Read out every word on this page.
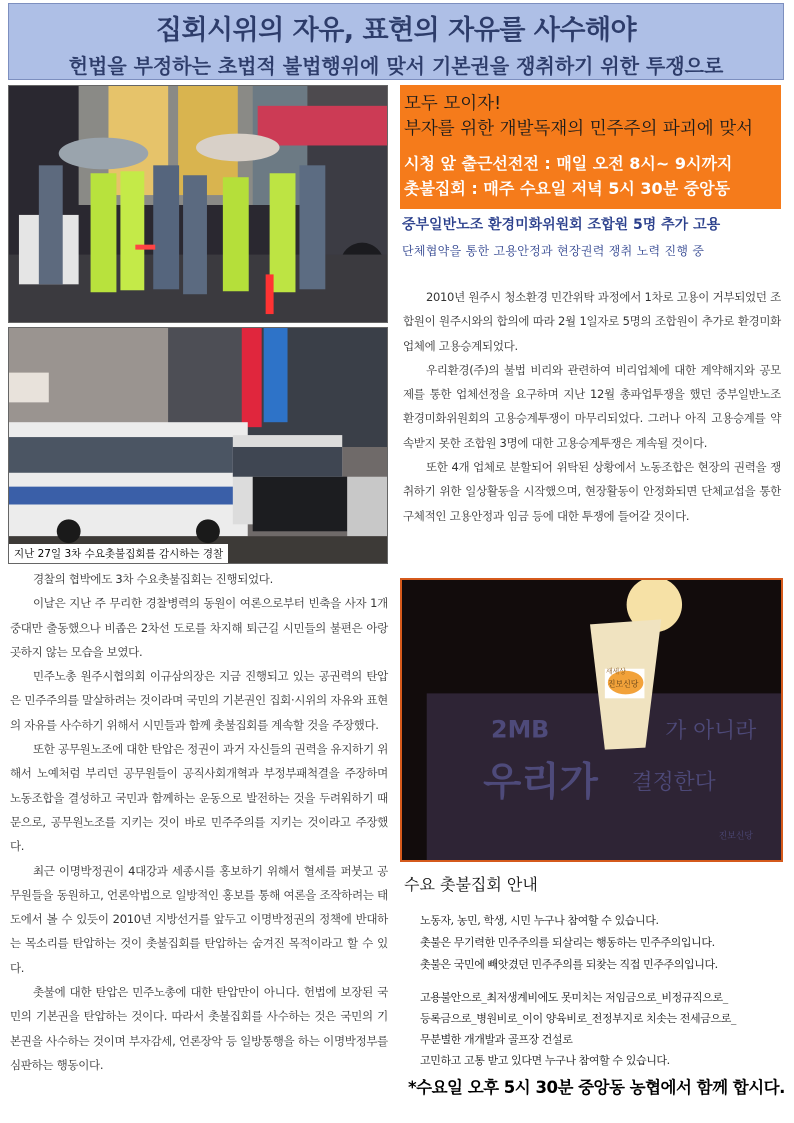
집회시위의 자유, 표현의 자유를 사수해야
헌법을 부정하는 초법적 불법행위에 맞서 기본권을 쟁취하기 위한 투쟁으로
지난 27일 3차 수요촛불집회를 감시하는 경찰

경찰의 협박에도 3차 수요촛불집회는 진행되었다.

이날은 지난 주 무리한 경찰병력의 동원이 여론으로부터 빈축을 사자 1개 중대만 출동했으나 비좁은 2차선 도로를 차지해 퇴근길 시민들의 불편은 아랑곳하지 않는 모습을 보였다.

민주노총 원주시협의회 이규삼의장은 지금 진행되고 있는 공권력의 탄압은 민주주의를 말살하려는 것이라며 국민의 기본권인 집회·시위의 자유와 표현의 자유를 사수하기 위해서 시민들과 함께 촛불집회를 계속할 것을 주장했다.

또한 공무원노조에 대한 탄압은 정권이 과거 자신들의 권력을 유지하기 위해서 노예처럼 부리던 공무원들이 공직사회개혁과 부정부패척결을 주장하며 노동조합을 결성하고 국민과 함께하는 운동으로 발전하는 것을 두려워하기 때문으로, 공무원노조를 지키는 것이 바로 민주주의를 지키는 것이라고 주장했다.

최근 이명박정권이 4대강과 세종시를 홍보하기 위해서 혈세를 퍼붓고 공무원들을 동원하고, 언론악법으로 일방적인 홍보를 통해 여론을 조작하려는 태도에서 볼 수 있듯이 2010년 지방선거를 앞두고 이명박정권의 정책에 반대하는 목소리를 탄압하는 것이 촛불집회를 탄압하는 숨겨진 목적이라고 할 수 있다.

촛불에 대한 탄압은 민주노총에 대한 탄압만이 아니다. 헌법에 보장된 국민의 기본권을 탄압하는 것이다. 따라서 촛불집회를 사수하는 것은 국민의 기본권을 사수하는 것이며 부자감세, 언론장악 등 일방통행을 하는 이명박정부를 심판하는 행동이다.

모두 모이자!
부자를 위한 개발독재의 민주주의 파괴에 맞서
시청 앞 출근선전전 : 매일 오전 8시~ 9시까지
촛불집회 : 매주 수요일 저녁 5시 30분 중앙동
중부일반노조 환경미화위원회 조합원 5명 추가 고용
단체협약을 통한 고용안정과 현장권력 쟁취 노력 진행 중

2010년 원주시 청소환경 민간위탁 과정에서 1차로 고용이 거부되었던 조합원이 원주시와의 합의에 따라 2월 1일자로 5명의 조합원이 추가로 환경미화업체에 고용승계되었다.

우리환경(주)의 불법 비리와 관련하여 비리업체에 대한 계약해지와 공모제를 통한 업체선정을 요구하며 지난 12월 총파업투쟁을 했던 중부일반노조 환경미화위원회의 고용승계투쟁이 마무리되었다. 그러나 아직 고용승계를 약속받지 못한 조합원 3명에 대한 고용승계투쟁은 계속될 것이다.

또한 4개 업체로 분할되어 위탁된 상황에서 노동조합은 현장의 권력을 쟁취하기 위한 일상활동을 시작했으며, 현장활동이 안정화되면 단체교섭을 통한 구체적인 고용안정과 임금 등에 대한 투쟁에 들어갈 것이다.

진보신당
새세상
2MB	가 아니라
우리가 결정한다
진보신당
수요 촛불집회 안내
노동자, 농민, 학생, 시민 누구나 참여할 수 있습니다.
촛불은 무기력한 민주주의를 되살리는 행동하는 민주주의입니다.
촛불은 국민에 빼앗겼던 민주주의를 되찾는 직접 민주주의입니다.
고용불안으로_최저생계비에도 못미치는 저임금으로_비정규직으로_
등록금으로_병원비로_이이 양육비로_전정부지로 치솟는 전세금으로_
무분별한 개개발과 골프장 건설로
고민하고 고통 받고 있다면 누구나 참여할 수 있습니다.
*수요일 오후 5시 30분 중앙동 농협에서 함께 합시다.
